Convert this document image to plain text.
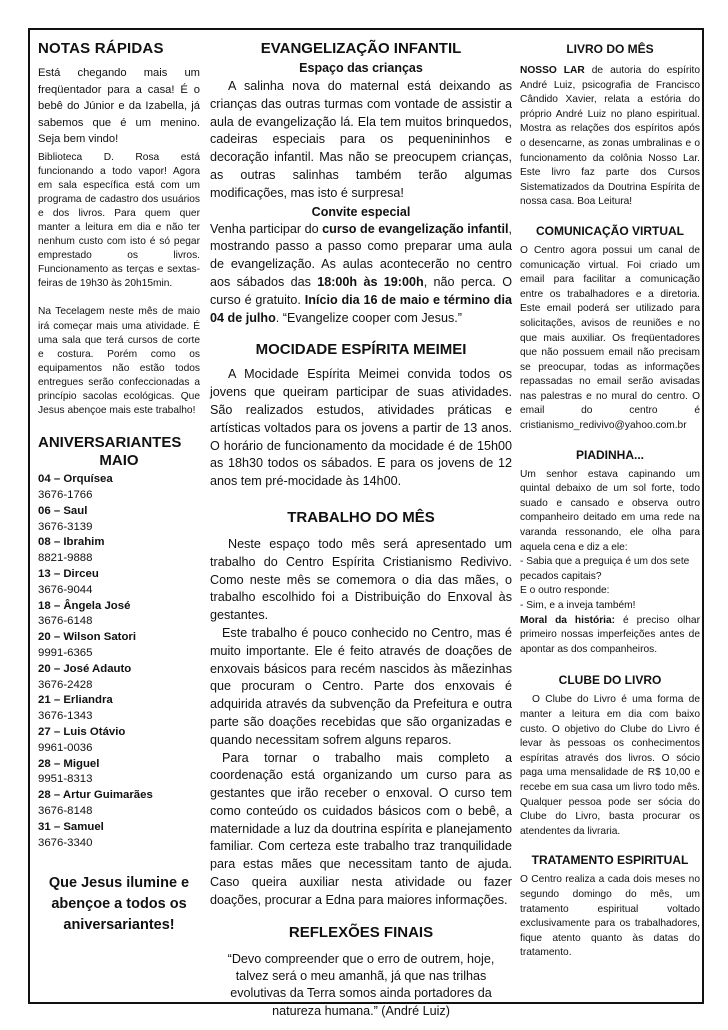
NOTAS RÁPIDAS

Está chegando mais um freqüentador para a casa! É o bebê do Júnior e da Izabella, já sabemos que é um menino. Seja bem vindo!

Biblioteca D. Rosa está funcionando a todo vapor! Agora em sala específica está com um programa de cadastro dos usuários e dos livros. Para quem quer manter a leitura em dia e não ter nenhum custo com isto é só pegar emprestado os livros. Funcionamento as terças e sextas-feiras de 19h30 às 20h15min.

Na Tecelagem neste mês de maio irá começar mais uma atividade. É uma sala que terá cursos de corte e costura. Porém como os equipamentos não estão todos entregues serão confeccionadas a princípio sacolas ecológicas. Que Jesus abençoe mais este trabalho!

ANIVERSARIANTES
MAIO
04 – Orquísea
3676-1766
06 – Saul
3676-3139
08 – Ibrahim
8821-9888
13 – Dirceu
3676-9044
18 – Ângela José
3676-6148
20 – Wilson Satori
9991-6365
20 – José Adauto
3676-2428
21 – Erliandra
3676-1343
27 – Luis Otávio
9961-0036
28 – Miguel
9951-8313
28 – Artur Guimarães
3676-8148
31 – Samuel
3676-3340
Que Jesus ilumine e abençoe a todos os aniversariantes!
EVANGELIZAÇÃO INFANTIL
Espaço das crianças

A salinha nova do maternal está deixando as crianças das outras turmas com vontade de assistir a aula de evangelização lá. Ela tem muitos brinquedos, cadeiras especiais para os pequenininhos e decoração infantil. Mas não se preocupem crianças, as outras salinhas também terão algumas modificações, mas isto é surpresa!

Convite especial

Venha participar do curso de evangelização infantil, mostrando passo a passo como preparar uma aula de evangelização. As aulas acontecerão no centro aos sábados das 18:00h às 19:00h, não perca. O curso é gratuito. Início dia 16 de maio e término dia 04 de julho. “Evangelize cooper com Jesus.”

MOCIDADE ESPÍRITA MEIMEI

A Mocidade Espírita Meimei convida todos os jovens que queiram participar de suas atividades. São realizados estudos, atividades práticas e artísticas voltados para os jovens a partir de 13 anos. O horário de funcionamento da mocidade é de 15h00 as 18h30 todos os sábados. E para os jovens de 12 anos tem pré-mocidade às 14h00.

TRABALHO DO MÊS

Neste espaço todo mês será apresentado um trabalho do Centro Espírita Cristianismo Redivivo. Como neste mês se comemora o dia das mães, o trabalho escolhido foi a Distribuição do Enxoval às gestantes.

Este trabalho é pouco conhecido no Centro, mas é muito importante. Ele é feito através de doações de enxovais básicos para recém nascidos às mãezinhas que procuram o Centro. Parte dos enxovais é adquirida através da subvenção da Prefeitura e outra parte são doações recebidas que são organizadas e quando necessitam sofrem alguns reparos.

Para tornar o trabalho mais completo a coordenação está organizando um curso para as gestantes que irão receber o enxoval. O curso tem como conteúdo os cuidados básicos com o bebê, a maternidade a luz da doutrina espírita e planejamento familiar. Com certeza este trabalho traz tranquilidade para estas mães que necessitam tanto de ajuda. Caso queira auxiliar nesta atividade ou fazer doações, procurar a Edna para maiores informações.

REFLEXÕES FINAIS

“Devo compreender que o erro de outrem, hoje, talvez será o meu amanhã, já que nas trilhas evolutivas da Terra somos ainda portadores da natureza humana.” (André Luiz)

LIVRO DO MÊS

NOSSO LAR de autoria do espírito André Luiz, psicografia de Francisco Cândido Xavier, relata a estória do próprio André Luiz no plano espiritual. Mostra as relações dos espíritos após o desencarne, as zonas umbralinas e o funcionamento da colônia Nosso Lar. Este livro faz parte dos Cursos Sistematizados da Doutrina Espírita de nossa casa. Boa Leitura!

COMUNICAÇÃO VIRTUAL

O Centro agora possui um canal de comunicação virtual. Foi criado um email para facilitar a comunicação entre os trabalhadores e a diretoria. Este email poderá ser utilizado para solicitações, avisos de reuniões e no que mais auxiliar. Os freqüentadores que não possuem email não precisam se preocupar, todas as informações repassadas no email serão avisadas nas palestras e no mural do centro. O email do centro é cristianismo_redivivo@yahoo.com.br

PIADINHA...

Um senhor estava capinando um quintal debaixo de um sol forte, todo suado e cansado e observa outro companheiro deitado em uma rede na varanda ressonando, ele olha para aquela cena e diz a ele:

- Sabia que a preguiça é um dos sete pecados capitais?

E o outro responde:

- Sim, e a inveja também!

Moral da história: é preciso olhar primeiro nossas imperfeições antes de apontar as dos companheiros.

CLUBE DO LIVRO

O Clube do Livro é uma forma de manter a leitura em dia com baixo custo. O objetivo do Clube do Livro é levar às pessoas os conhecimentos espíritas através dos livros. O sócio paga uma mensalidade de R$ 10,00 e recebe em sua casa um livro todo mês. Qualquer pessoa pode ser sócia do Clube do Livro, basta procurar os atendentes da livraria.

TRATAMENTO ESPIRITUAL

O Centro realiza a cada dois meses no segundo domingo do mês, um tratamento espiritual voltado exclusivamente para os trabalhadores, fique atento quanto às datas do tratamento.
